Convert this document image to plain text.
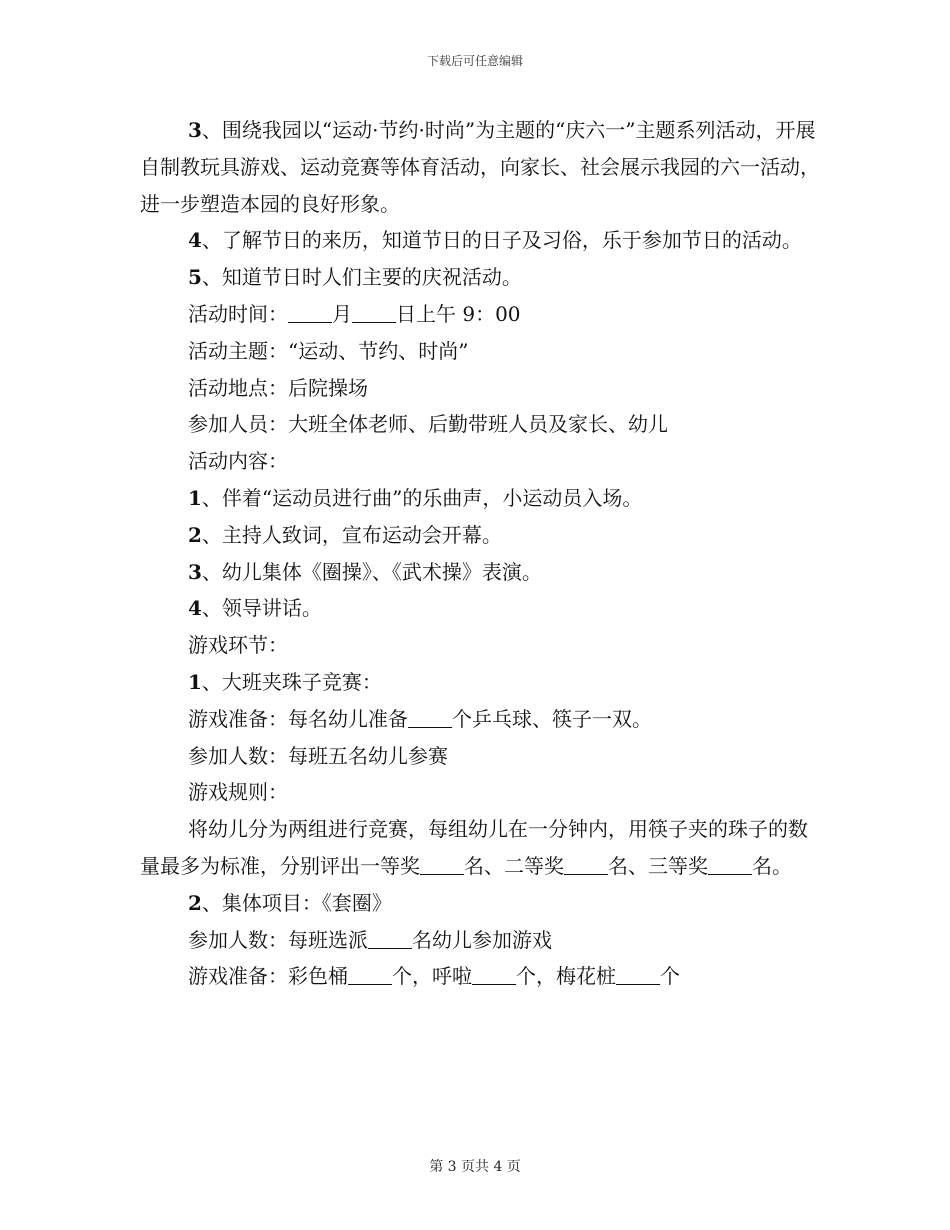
下载后可任意编辑

3、围绕我园以“运动·节约·时尚”为主题的“庆六一”主题系列活动，开展自制教玩具游戏、运动竞赛等体育活动，向家长、社会展示我园的六一活动，进一步塑造本园的良好形象。

4、了解节日的来历，知道节日的日子及习俗，乐于参加节日的活动。

5、知道节日时人们主要的庆祝活动。

活动时间： 月 日上午 9：00

活动主题：“运动、节约、时尚”

活动地点：后院操场

参加人员：大班全体老师、后勤带班人员及家长、幼儿

活动内容：

1、伴着“运动员进行曲”的乐曲声，小运动员入场。

2、主持人致词，宣布运动会开幕。

3、幼儿集体《圈操》、《武术操》表演。

4、领导讲话。

游戏环节：

1、大班夹珠子竞赛：

游戏准备：每名幼儿准备 个乒乓球、筷子一双。

参加人数：每班五名幼儿参赛

游戏规则：

将幼儿分为两组进行竞赛，每组幼儿在一分钟内，用筷子夹的珠子的数量最多为标准，分别评出一等奖 名、二等奖 名、三等奖 名。

2、集体项目：《套圈》

参加人数：每班选派 名幼儿参加游戏

游戏准备：彩色桶 个，呼啦 个，梅花桩 个

第 3 页共 4 页
